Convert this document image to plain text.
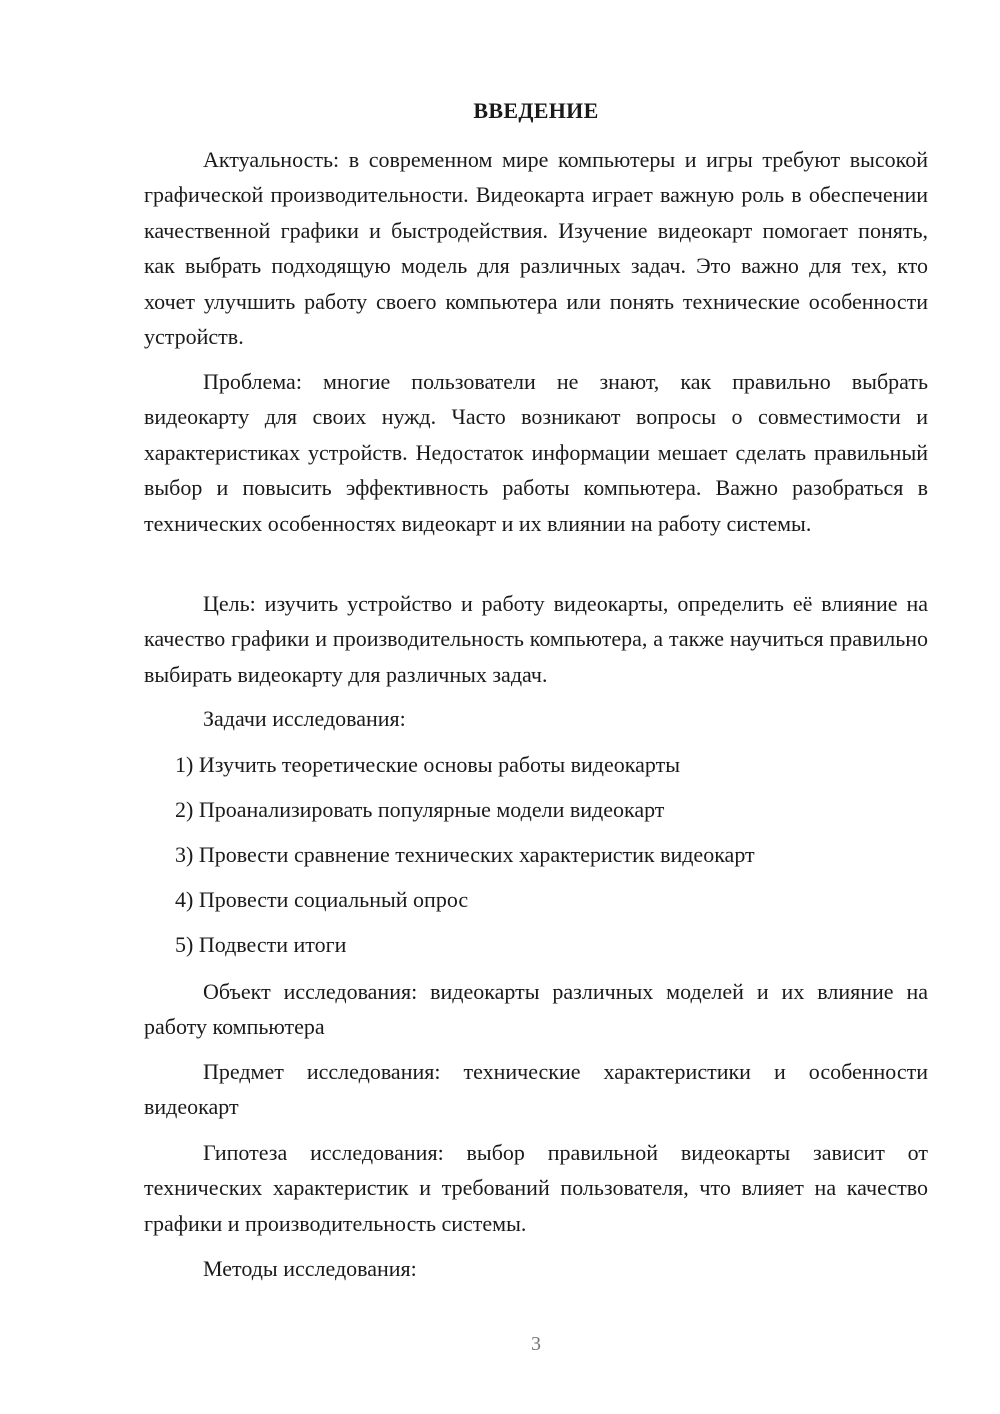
ВВЕДЕНИЕ

Актуальность: в современном мире компьютеры и игры требуют высокой графической производительности. Видеокарта играет важную роль в обеспечении качественной графики и быстродействия. Изучение видеокарт помогает понять, как выбрать подходящую модель для различных задач. Это важно для тех, кто хочет улучшить работу своего компьютера или понять технические особенности устройств.

Проблема: многие пользователи не знают, как правильно выбрать видеокарту для своих нужд. Часто возникают вопросы о совместимости и характеристиках устройств. Недостаток информации мешает сделать правильный выбор и повысить эффективность работы компьютера. Важно разобраться в технических особенностях видеокарт и их влиянии на работу системы.

Цель: изучить устройство и работу видеокарты, определить её влияние на качество графики и производительность компьютера, а также научиться правильно выбирать видеокарту для различных задач.

Задачи исследования:

1) Изучить теоретические основы работы видеокарты

2) Проанализировать популярные модели видеокарт

3) Провести сравнение технических характеристик видеокарт

4) Провести социальный опрос

5) Подвести итоги

Объект исследования: видеокарты различных моделей и их влияние на работу компьютера

Предмет исследования: технические характеристики и особенности видеокарт

Гипотеза исследования: выбор правильной видеокарты зависит от технических характеристик и требований пользователя, что влияет на качество графики и производительность системы.

Методы исследования:

3
